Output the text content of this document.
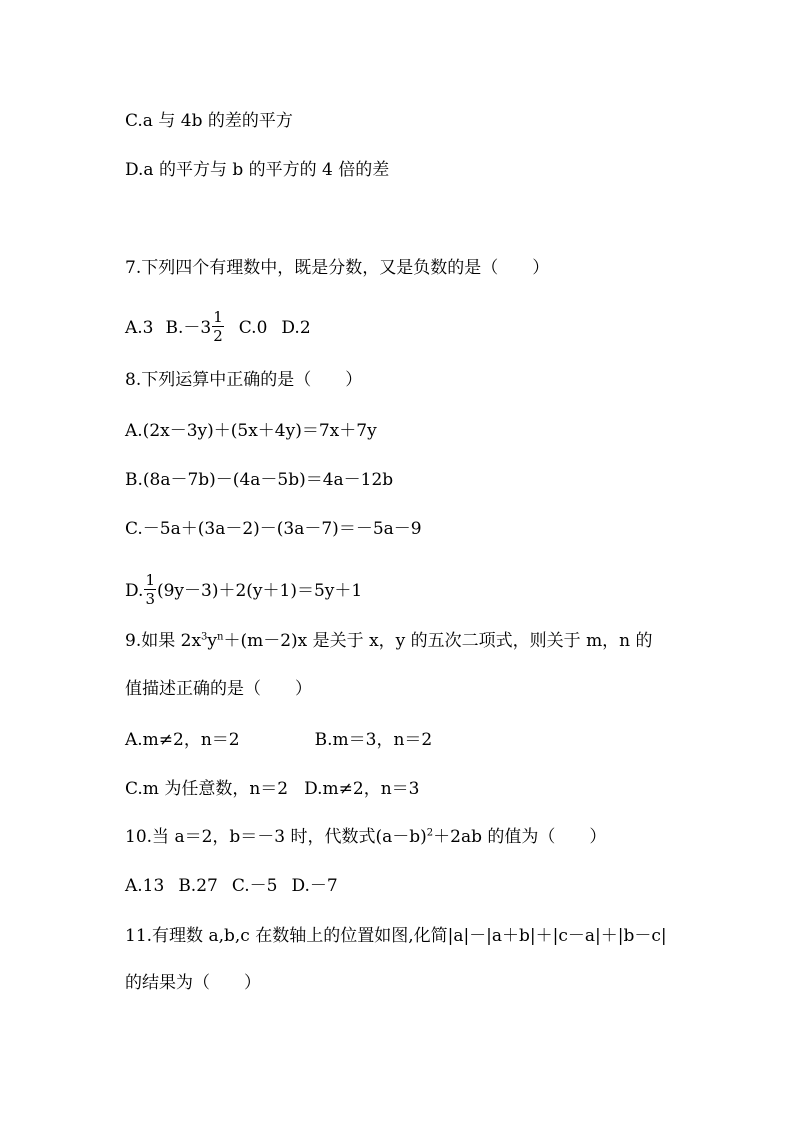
C.a 与 4b 的差的平方
D.a 的平方与 b 的平方的 4 倍的差
7.下列四个有理数中，既是分数，又是负数的是（　　）
A.3 $B.-3 \frac{1}{2} C.0$ D.2
8.下列运算中正确的是（　　）
A.(2x－3y)＋(5x＋4y)＝7x＋7y
B.(8a－7b)－(4a－5b)＝4a－12b
C.－5a＋(3a－2)－(3a－7)＝－5a－9
D. $\frac{1}{3} (9y-3)+2(y+1)=5y+1$
9.如果 $2x^3y^n+(m-2)x$ 是关于 x，y 的五次二项式，则关于 m，n 的
值描述正确的是（　　）
A.m≠2，n＝2	B.m＝3，n＝2
C.m 为任意数，n＝2 D.m≠2，n＝3
10.当 a＝2，b＝－3 时，代数式$(a-b)^2+2ab$ 的值为（　　）
A.13 B.27 C.－5 D.－7
11.有理数 a,b,c 在数轴上的位置如图,化简|a|－|a＋b|＋|c－a|＋|b－c|
的结果为（　　）
